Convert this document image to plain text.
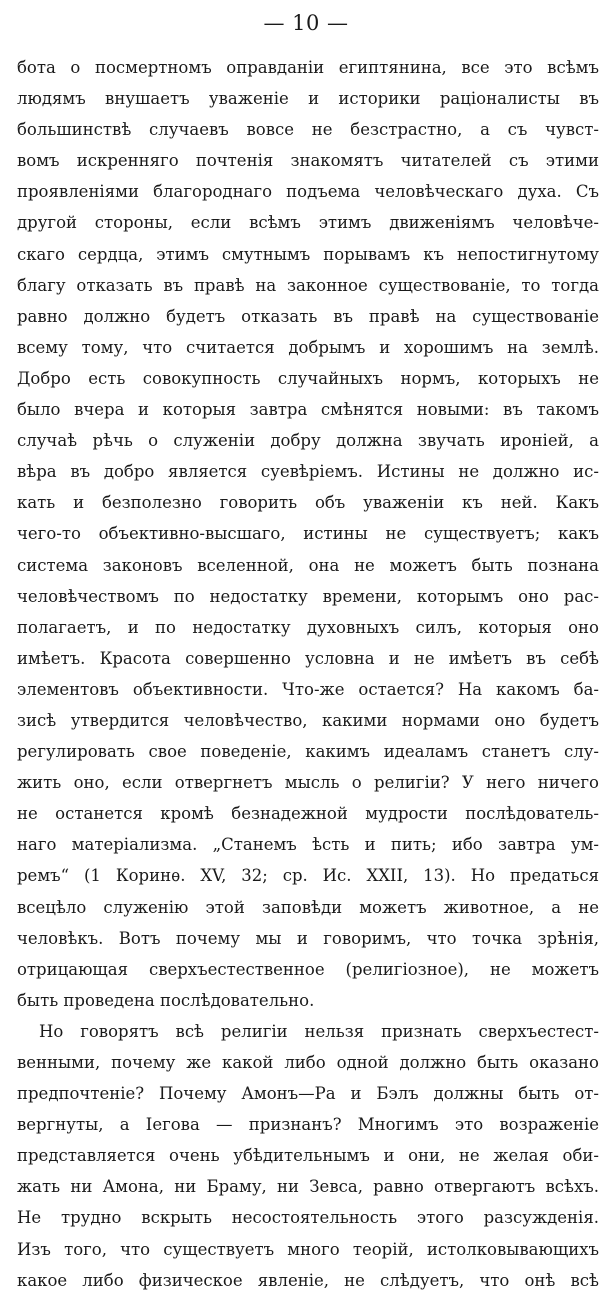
— 10 —
бота о посмертномъ оправданіи египтянина, все это всѣмъ
людямъ внушаетъ уваженіе и историки раціоналисты въ
большинствѣ случаевъ вовсе не безстрастно, а съ чувст-
вомъ искренняго почтенія знакомятъ читателей съ этими
проявленіями благороднаго подъема человѣческаго духа. Съ
другой стороны, если всѣмъ этимъ движеніямъ человѣче-
скаго сердца, этимъ смутнымъ порывамъ къ непостигнутому
благу отказать въ правѣ на законное существованіе, то тогда
равно должно будетъ отказать въ правѣ на существованіе
всему тому, что считается добрымъ и хорошимъ на землѣ.
Добро есть совокупность случайныхъ нормъ, которыхъ не
было вчера и которыя завтра смѣнятся новыми: въ такомъ
случаѣ рѣчь о служеніи добру должна звучать ироніей, а
вѣра въ добро является суевѣріемъ. Истины не должно ис-
кать и безполезно говорить объ уваженіи къ ней. Какъ
чего-то объективно-высшаго, истины не существуетъ; какъ
система законовъ вселенной, она не можетъ быть познана
человѣчествомъ по недостатку времени, которымъ оно рас-
полагаетъ, и по недостатку духовныхъ силъ, которыя оно
имѣетъ. Красота совершенно условна и не имѣетъ въ себѣ
элементовъ объективности. Что-же остается? На какомъ ба-
зисѣ утвердится человѣчество, какими нормами оно будетъ
регулировать свое поведеніе, какимъ идеаламъ станетъ слу-
жить оно, если отвергнетъ мысль о религіи? У него ничего
не останется кромѣ безнадежной мудрости послѣдователь-
наго матеріализма. „Станемъ ѣсть и пить; ибо завтра ум-
ремъ“ (1 Коринѳ. XV, 32; ср. Ис. XXII, 13). Но предаться
всецѣло служенію этой заповѣди можетъ животное, а не
человѣкъ. Вотъ почему мы и говоримъ, что точка зрѣнія,
отрицающая сверхъестественное (религіозное), не можетъ
быть проведена послѣдовательно.
Но говорятъ всѣ религіи нельзя признать сверхъестест-
венными, почему же какой либо одной должно быть оказано
предпочтеніе? Почему Амонъ—Ра и Бэлъ должны быть от-
вергнуты, а Іегова — признанъ? Многимъ это возраженіе
представляется очень убѣдительнымъ и они, не желая оби-
жать ни Амона, ни Браму, ни Зевса, равно отвергаютъ всѣхъ.
Не трудно вскрыть несостоятельность этого разсужденія.
Изъ того, что существуетъ много теорій, истолковывающихъ
какое либо физическое явленіе, не слѣдуетъ, что онѣ всѣ
